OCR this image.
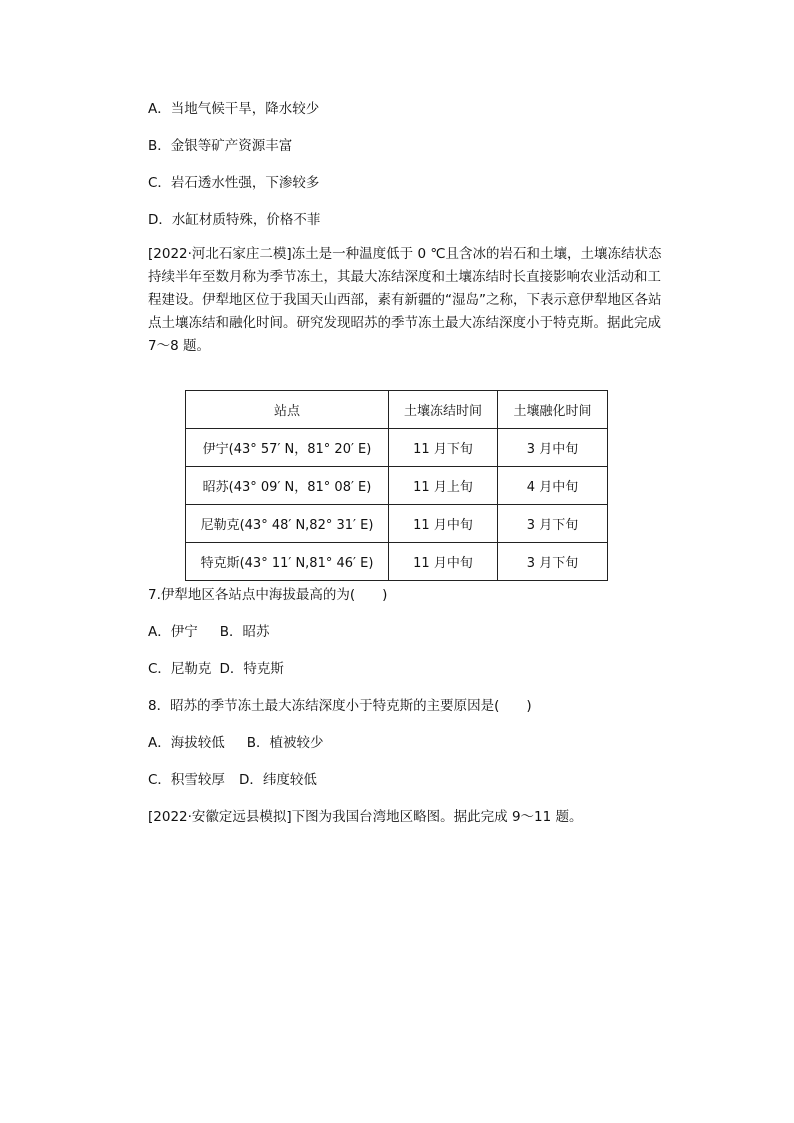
A．当地气候干旱，降水较少
B．金银等矿产资源丰富
C．岩石透水性强，下渗较多
D．水缸材质特殊，价格不菲
[2022·河北石家庄二模]冻土是一种温度低于 0 ℃且含冰的岩石和土壤，土壤冻结状态持续半年至数月称为季节冻土，其最大冻结深度和土壤冻结时长直接影响农业活动和工程建设。伊犁地区位于我国天山西部，素有新疆的“湿岛”之称，下表示意伊犁地区各站点土壤冻结和融化时间。研究发现昭苏的季节冻土最大冻结深度小于特克斯。据此完成 7～8 题。
站点	土壤冻结时间	土壤融化时间
伊宁(43° 57′ N，81° 20′ E)	11 月下旬	3 月中旬
昭苏(43° 09′ N，81° 08′ E)	11 月上旬	4 月中旬
尼勒克(43° 48′ N,82° 31′ E)	11 月中旬	3 月下旬
特克斯(43° 11′ N,81° 46′ E)	11 月中旬	3 月下旬
7.伊犁地区各站点中海拔最高的为(　　)
A．伊宁 B．昭苏
C．尼勒克 D．特克斯
8．昭苏的季节冻土最大冻结深度小于特克斯的主要原因是(　　)
A．海拔较低 B．植被较少
C．积雪较厚 D．纬度较低
[2022·安徽定远县模拟]下图为我国台湾地区略图。据此完成 9～11 题。
